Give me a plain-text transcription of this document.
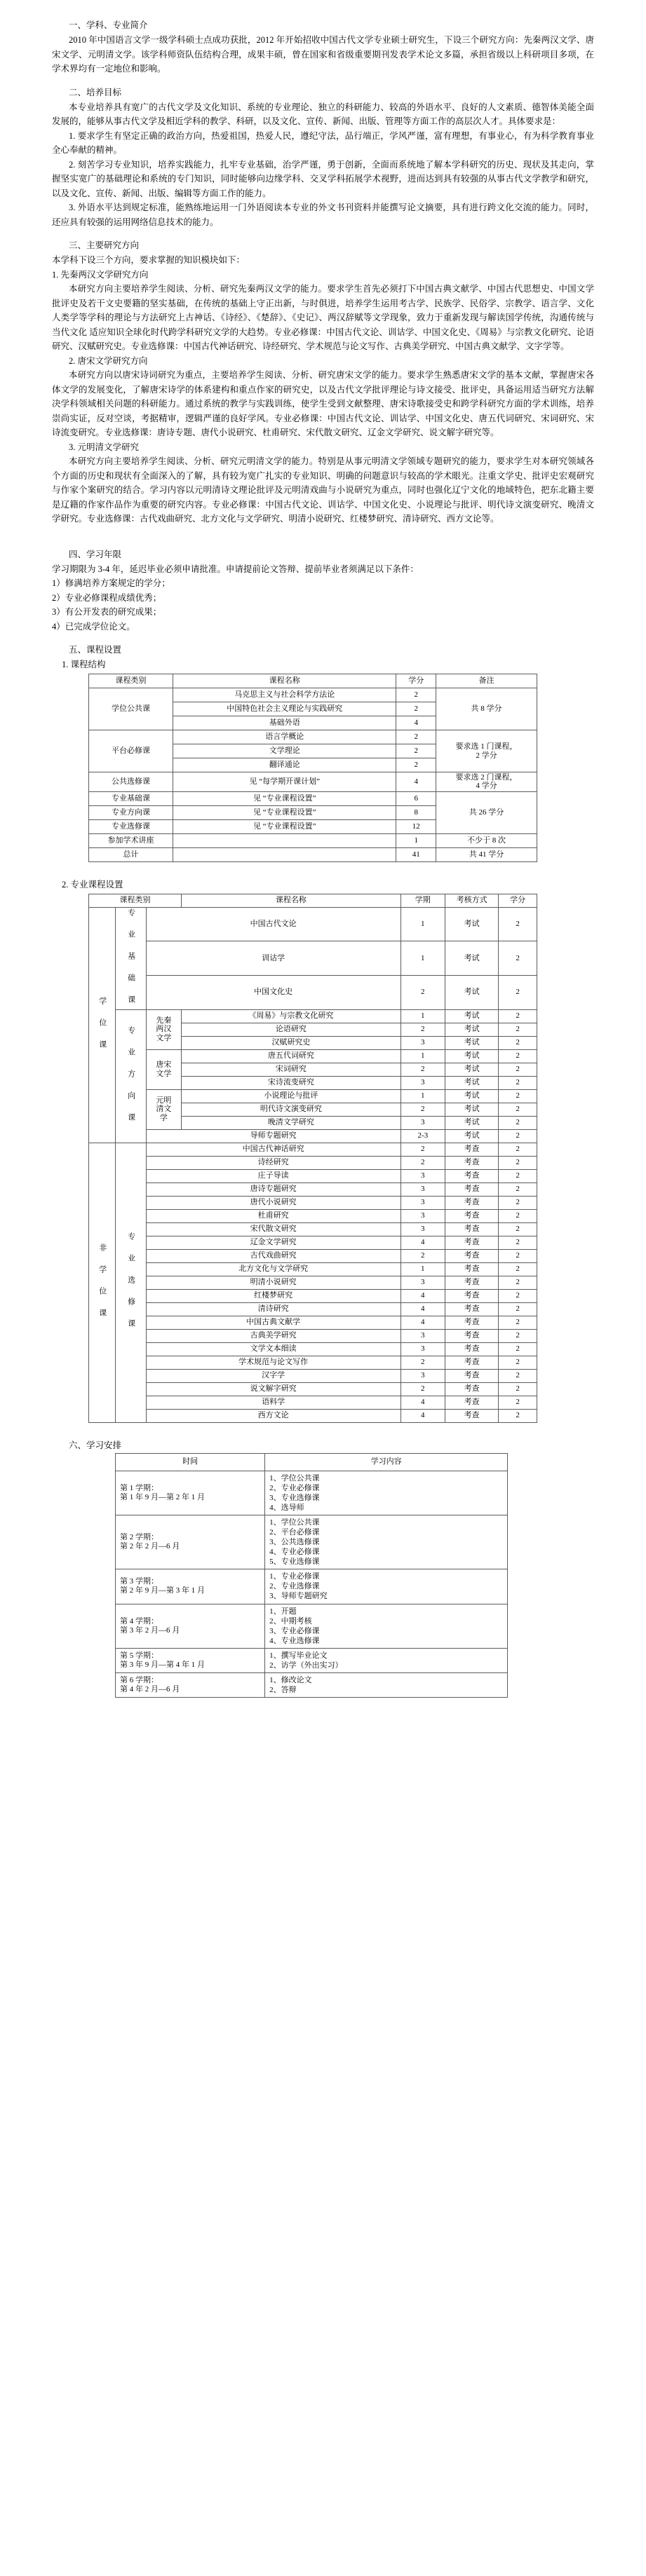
一、学科、专业简介

2010 年中国语言文学一级学科硕士点成功获批，2012 年开始招收中国古代文学专业硕士研究生，下设三个研究方向：先秦两汉文学、唐宋文学、元明清文学。该学科师资队伍结构合理，成果丰硕，曾在国家和省级重要期刊发表学术论文多篇，承担省级以上科研项目多项，在学术界均有一定地位和影响。

二、培养目标

本专业培养具有宽广的古代文学及文化知识、系统的专业理论、独立的科研能力、较高的外语水平、良好的人文素质、德智体美能全面发展的，能够从事古代文学及相近学科的教学、科研，以及文化、宣传、新闻、出版、管理等方面工作的高层次人才。具体要求是：

1. 要求学生有坚定正确的政治方向，热爱祖国，热爱人民，遵纪守法，品行端正，学风严谨，富有理想，有事业心，有为科学教育事业全心奉献的精神。

2. 刻苦学习专业知识，培养实践能力，扎牢专业基础，治学严谨，勇于创新，全面而系统地了解本学科研究的历史、现状及其走向，掌握坚实宽广的基础理论和系统的专门知识，同时能够向边缘学科、交叉学科拓展学术视野，进而达到具有较强的从事古代文学教学和研究，以及文化、宣传、新闻、出版、编辑等方面工作的能力。

3. 外语水平达到规定标准，能熟练地运用一门外语阅读本专业的外文书刊资料并能撰写论文摘要，具有进行跨文化交流的能力。同时，还应具有较强的运用网络信息技术的能力。

三、主要研究方向

本学科下设三个方向，要求掌握的知识模块如下：

1. 先秦两汉文学研究方向

本研究方向主要培养学生阅读、分析、研究先秦两汉文学的能力。要求学生首先必须打下中国古典文献学、中国古代思想史、中国文学批评史及若干文史要籍的坚实基础，在传统的基础上守正出新，与时俱进，培养学生运用考古学、民族学、民俗学、宗教学、语言学、文化人类学等学科的理论与方法研究上古神话、《诗经》、《楚辞》、《史记》、两汉辞赋等文学现象，致力于重新发现与解读国学传统，沟通传统与当代文化 适应知识全球化时代跨学科研究文学的大趋势。专业必修课：中国古代文论、训诂学、中国文化史、《周易》与宗教文化研究、论语研究、汉赋研究史。专业选修课：中国古代神话研究、诗经研究、学术规范与论文写作、古典美学研究、中国古典文献学、文字学等。

2. 唐宋文学研究方向

本研究方向以唐宋诗词研究为重点，主要培养学生阅读、分析、研究唐宋文学的能力。要求学生熟悉唐宋文学的基本文献，掌握唐宋各体文学的发展变化，了解唐宋诗学的体系建构和重点作家的研究史，以及古代文学批评理论与诗文接受、批评史，具备运用适当研究方法解决学科领域相关问题的科研能力。通过系统的教学与实践训练，使学生受到文献整理、唐宋诗歌接受史和跨学科研究方面的学术训练，培养崇尚实证，反对空谈，考据精审，逻辑严谨的良好学风。专业必修课：中国古代文论、训诂学、中国文化史、唐五代词研究、宋词研究、宋诗流变研究。专业选修课：唐诗专题、唐代小说研究、杜甫研究、宋代散文研究、辽金文学研究、说文解字研究等。

3. 元明清文学研究

本研究方向主要培养学生阅读、分析、研究元明清文学的能力。特别是从事元明清文学领域专题研究的能力，要求学生对本研究领域各个方面的历史和现状有全面深入的了解，具有较为宽广扎实的专业知识、明确的问题意识与较高的学术眼光。注重文学史、批评史宏观研究与作家个案研究的结合。学习内容以元明清诗文理论批评及元明清戏曲与小说研究为重点，同时也强化辽宁文化的地域特色，把东北籍主要是辽籍的作家作品作为重要的研究内容。专业必修课：中国古代文论、训诂学、中国文化史、小说理论与批评、明代诗文演变研究、晚清文学研究。专业选修课：古代戏曲研究、北方文化与文学研究、明清小说研究、红楼梦研究、清诗研究、西方文论等。

四、学习年限

学习期限为 3-4 年，延迟毕业必须申请批准。申请提前论文答辩、提前毕业者须满足以下条件：

1）修满培养方案规定的学分；

2）专业必修课程成绩优秀；

3）有公开发表的研究成果；

4）已完成学位论文。

五、课程设置
1. 课程结构
课程类别	课程名称	学分	备注
学位公共课	马克思主义与社会科学方法论	2	共 8 学分
	中国特色社会主义理论与实践研究	2	
	基础外语	4	
平台必修课	语言学概论	2	要求选 1 门课程，
2 学分

	文学理论	2	
	翻译通论	2	
公共选修课	见 “每学期开课计划”	4	要求选 2 门课程，
4 学分

专业基础课	见 “专业课程设置”	6	共 26 学分
专业方向课	见 “专业课程设置”	8	
专业选修课	见 “专业课程设置”	12	
参加学术讲座		1	不少于 8 次
总计		41	共 41 学分
2. 专业课程设置
课程类别			课程名称	学期	考核方式	学分
学 位 课	专 业 基 础 课	中国古代文论		1	考试	2
		训诂学		1	考试	2
		中国文化史		2	考试	2
	专 业 方 向 课	先秦
两汉
文学	《周易》与宗教文化研究	1	考试	2
			论语研究	2	考试	2
			汉赋研究史	3	考试	2

		唐宋
文学	唐五代词研究	1	考试	2
			宋词研究	2	考试	2
			宋诗流变研究	3	考试	2

		元明
清文
学	小说理论与批评	1	考试	2
			明代诗文演变研究	2	考试	2
			晚清文学研究	3	考试	2
		导师专题研究		2-3	考试	2
非 学 位 课	专 业 选 修 课	中国古代神话研究		2	考查	2
		诗经研究		2	考查	2
		庄子导读		3	考查	2
		唐诗专题研究		3	考查	2
		唐代小说研究		3	考查	2
		杜甫研究		3	考查	2
		宋代散文研究		3	考查	2
		辽金文学研究		4	考查	2
		古代戏曲研究		2	考查	2
		北方文化与文学研究		1	考查	2
		明清小说研究		3	考查	2
		红楼梦研究		4	考查	2
		清诗研究		4	考查	2
		中国古典文献学		4	考查	2
		古典美学研究		3	考查	2
		文学文本细读		3	考查	2
		学术规范与论文写作		2	考查	2
		汉字学		3	考查	2
		说文解字研究		2	考查	2
		语料学		4	考查	2
		西方文论		4	考查	2
六、学习安排
时间	学习内容

第 1 学期：
第 1 年 9 月—第 2 年 1 月

1、学位公共课
2、专业必修课
3、专业选修课
4、选导师

第 2 学期：
第 2 年 2 月—6 月

1、学位公共课
2、平台必修课
3、公共选修课
4、专业必修课
5、专业选修课

第 3 学期：
第 2 年 9 月—第 3 年 1 月

1、专业必修课
2、专业选修课
3、导师专题研究

第 4 学期：
第 3 年 2 月—6 月

1、开题
2、中期考核
3、专业必修课
4、专业选修课

第 5 学期：
第 3 年 9 月—第 4 年 1 月

1、撰写毕业论文
2、访学（外出实习）

第 6 学期：
第 4 年 2 月—6 月

1、修改论文
2、答辩
